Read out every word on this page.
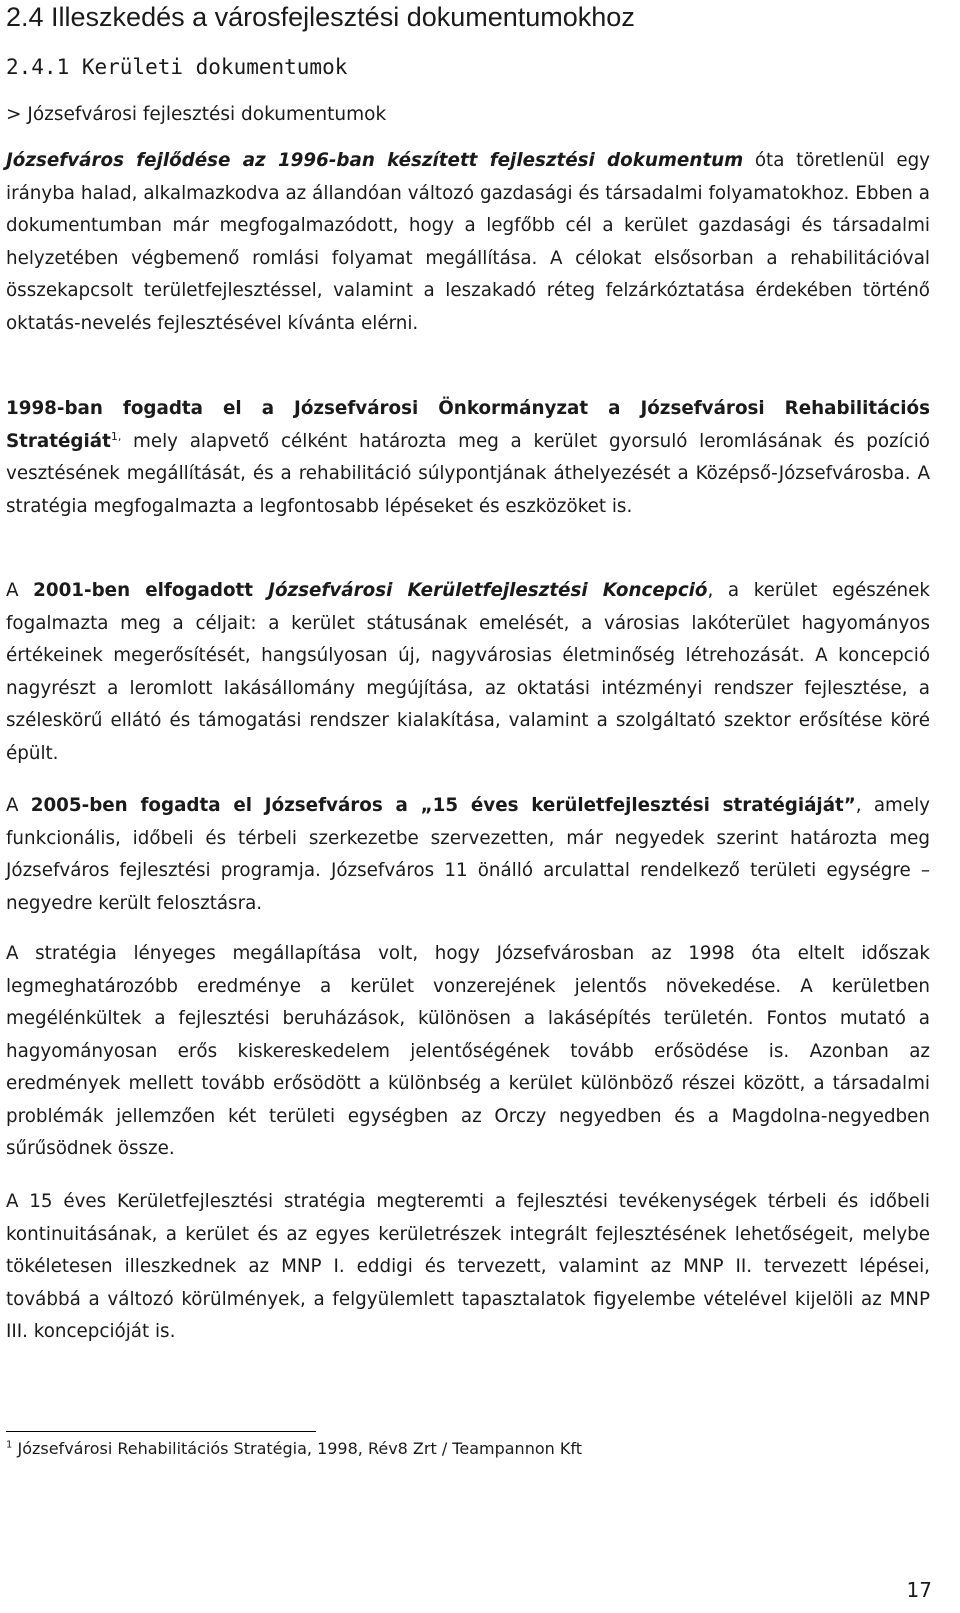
2.4 Illeszkedés a városfejlesztési dokumentumokhoz
2.4.1 Kerületi dokumentumok
> Józsefvárosi fejlesztési dokumentumok
Józsefváros fejlődése az 1996-ban készített fejlesztési dokumentum óta töretlenül egy irányba halad, alkalmazkodva az állandóan változó gazdasági és társadalmi folyamatokhoz. Ebben a dokumentumban már megfogalmazódott, hogy a legfőbb cél a kerület gazdasági és társadalmi helyzetében végbemenő romlási folyamat megállítása. A célokat elsősorban a rehabilitációval összekapcsolt területfejlesztéssel, valamint a leszakadó réteg felzárkóztatása érdekében történő oktatás-nevelés fejlesztésével kívánta elérni.
1998-ban fogadta el a Józsefvárosi Önkormányzat a Józsefvárosi Rehabilitációs Stratégiát$^{1,}$ mely alapvető célként határozta meg a kerület gyorsuló leromlásának és pozíció vesztésének megállítását, és a rehabilitáció súlypontjának áthelyezését a Középső-Józsefvárosba. A stratégia megfogalmazta a legfontosabb lépéseket és eszközöket is.
A 2001-ben elfogadott Józsefvárosi Kerületfejlesztési Koncepció, a kerület egészének fogalmazta meg a céljait: a kerület státusának emelését, a városias lakóterület hagyományos értékeinek megerősítését, hangsúlyosan új, nagyvárosias életminőség létrehozását. A koncepció nagyrészt a leromlott lakásállomány megújítása, az oktatási intézményi rendszer fejlesztése, a széleskörű ellátó és támogatási rendszer kialakítása, valamint a szolgáltató szektor erősítése köré épült.
A 2005-ben fogadta el Józsefváros a „15 éves kerületfejlesztési stratégiáját”, amely funkcionális, időbeli és térbeli szerkezetbe szervezetten, már negyedek szerint határozta meg Józsefváros fejlesztési programja. Józsefváros 11 önálló arculattal rendelkező területi egységre – negyedre került felosztásra.
A stratégia lényeges megállapítása volt, hogy Józsefvárosban az 1998 óta eltelt időszak legmeghatározóbb eredménye a kerület vonzerejének jelentős növekedése. A kerületben megélénkültek a fejlesztési beruházások, különösen a lakásépítés területén. Fontos mutató a hagyományosan erős kiskereskedelem jelentőségének tovább erősödése is. Azonban az eredmények mellett tovább erősödött a különbség a kerület különböző részei között, a társadalmi problémák jellemzően két területi egységben az Orczy negyedben és a Magdolna-negyedben sűrűsödnek össze.
A 15 éves Kerületfejlesztési stratégia megteremti a fejlesztési tevékenységek térbeli és időbeli kontinuitásának, a kerület és az egyes kerületrészek integrált fejlesztésének lehetőségeit, melybe tökéletesen illeszkednek az MNP I. eddigi és tervezett, valamint az MNP II. tervezett lépései, továbbá a változó körülmények, a felgyülemlett tapasztalatok figyelembe vételével kijelöli az MNP III. koncepcióját is.
$^1$ Józsefvárosi Rehabilitációs Stratégia, 1998, Rév8 Zrt / Teampannon Kft
17
